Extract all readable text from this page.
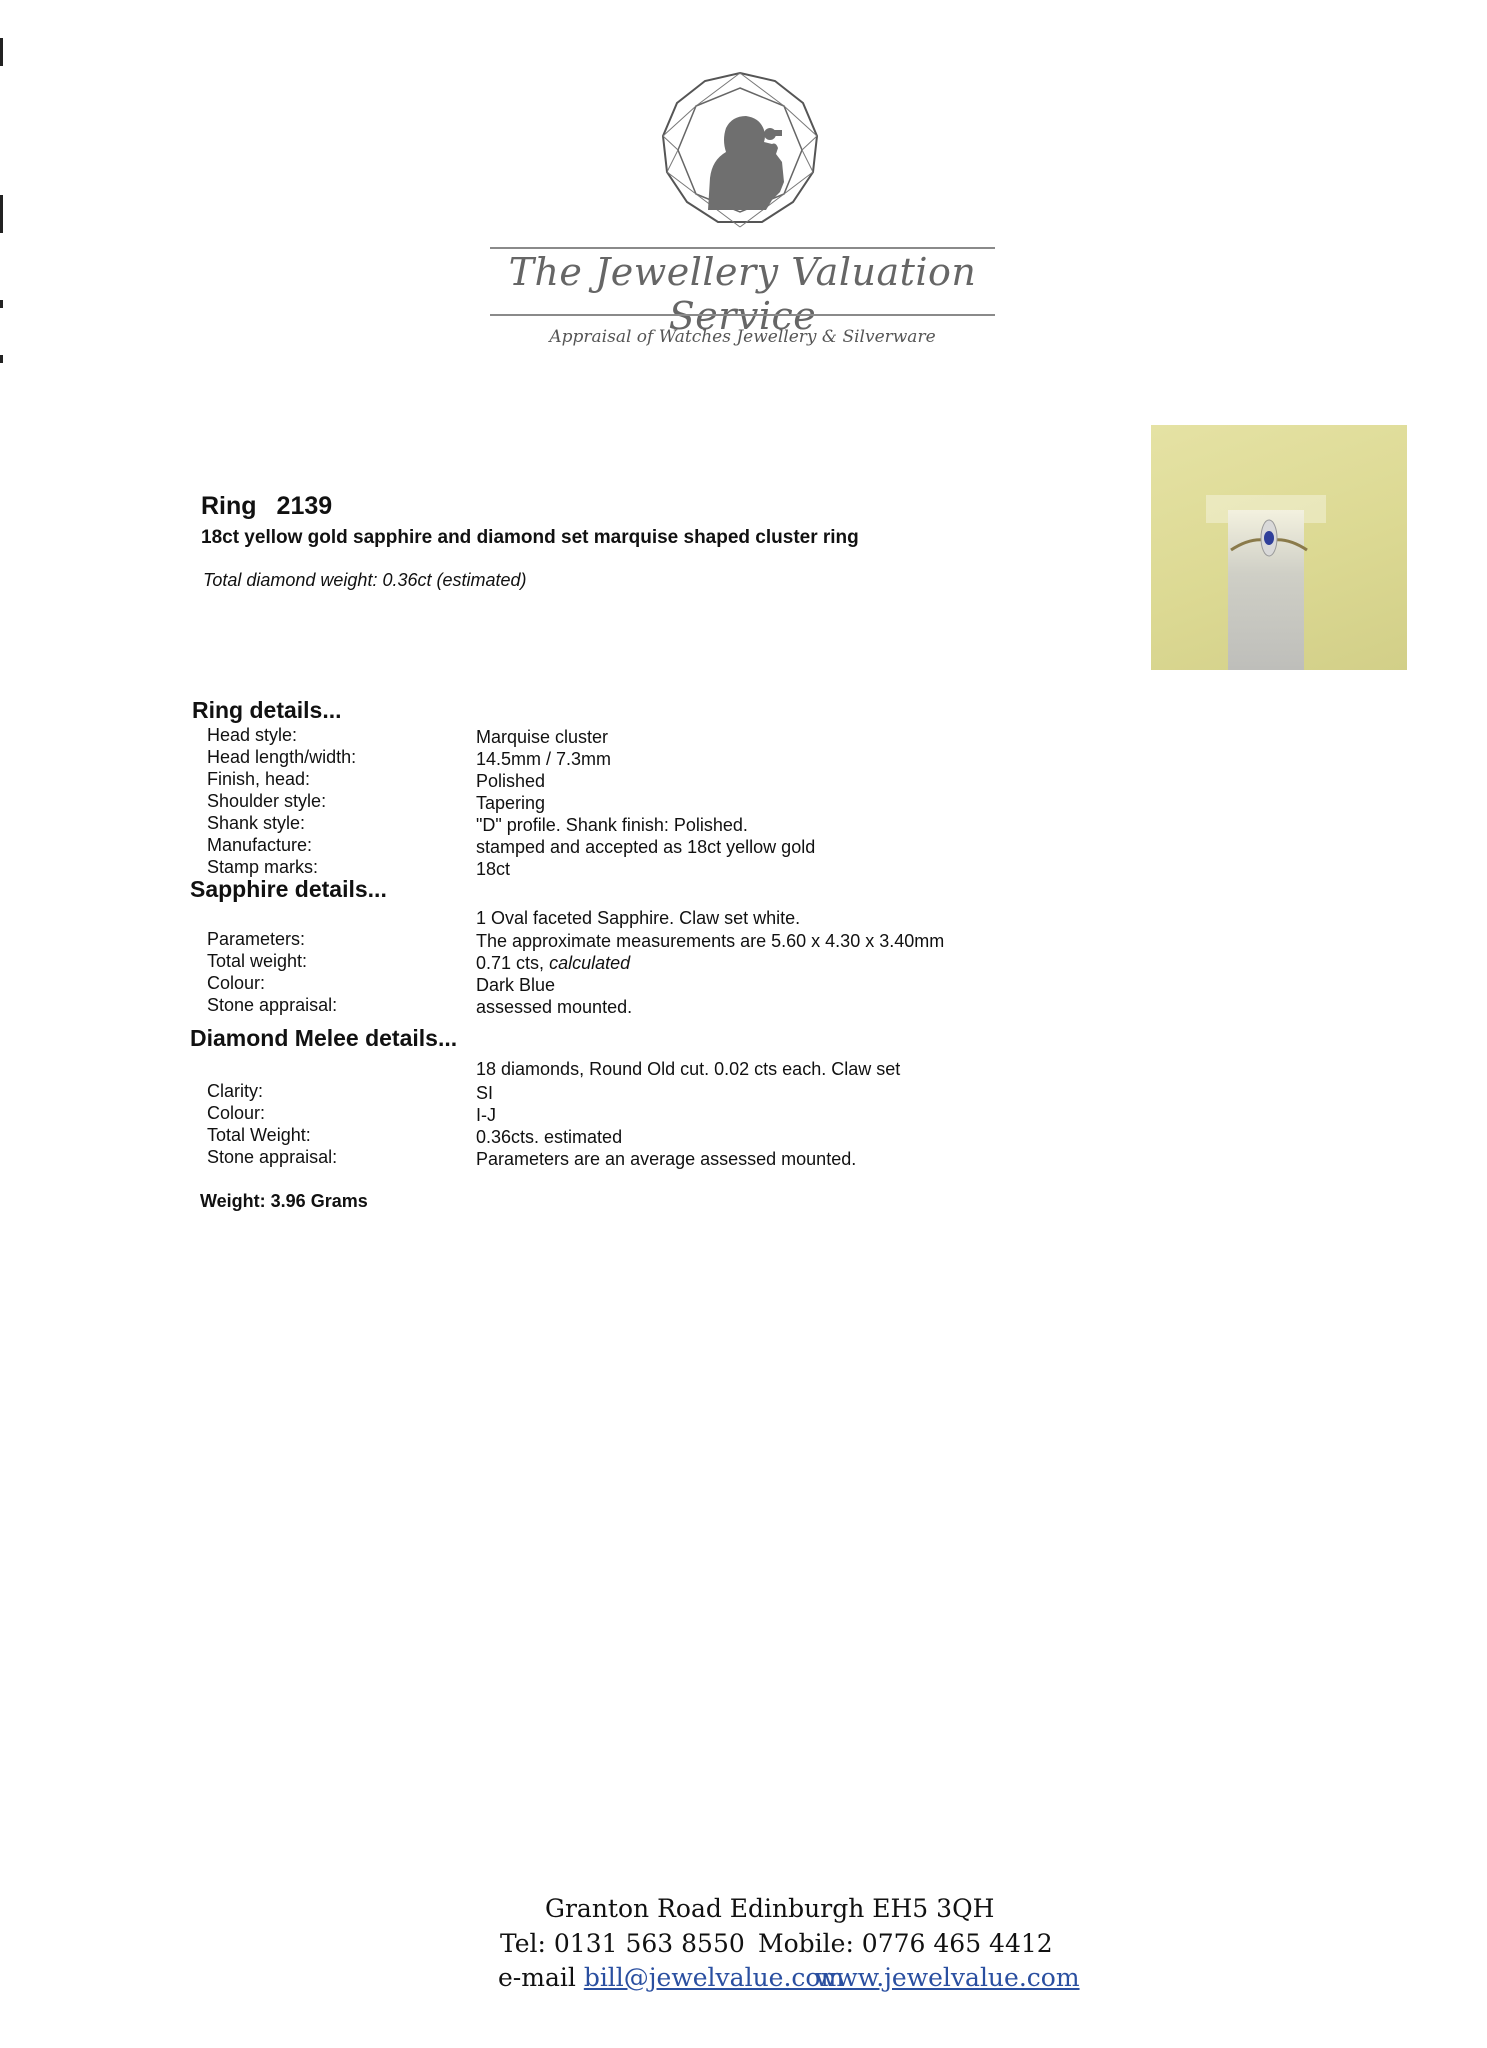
The Jewellery Valuation Service
Appraisal of Watches Jewellery & Silverware
Ring 2139
18ct yellow gold sapphire and diamond set marquise shaped cluster ring
Total diamond weight: 0.36ct (estimated)
Ring details...
Head style:	Marquise cluster
Head length/width:	14.5mm / 7.3mm
Finish, head:	Polished
Shoulder style:	Tapering
Shank style:	"D" profile. Shank finish: Polished.
Manufacture:	stamped and accepted as 18ct yellow gold
Stamp marks:	18ct
Sapphire details...
1 Oval faceted Sapphire. Claw set white.
Parameters:	The approximate measurements are 5.60 x 4.30 x 3.40mm
Total weight:	0.71 cts, calculated
Colour:	Dark Blue
Stone appraisal:	assessed mounted.
Diamond Melee details...
18 diamonds, Round Old cut. 0.02 cts each. Claw set
Clarity:	SI
Colour:	I-J
Total Weight:	0.36cts. estimated
Stone appraisal:	Parameters are an average assessed mounted.
Weight: 3.96 Grams
Granton Road Edinburgh EH5 3QH
Tel: 0131 563 8550 Mobile: 0776 465 4412
e-mail bill@jewelvalue.com
www.jewelvalue.com
